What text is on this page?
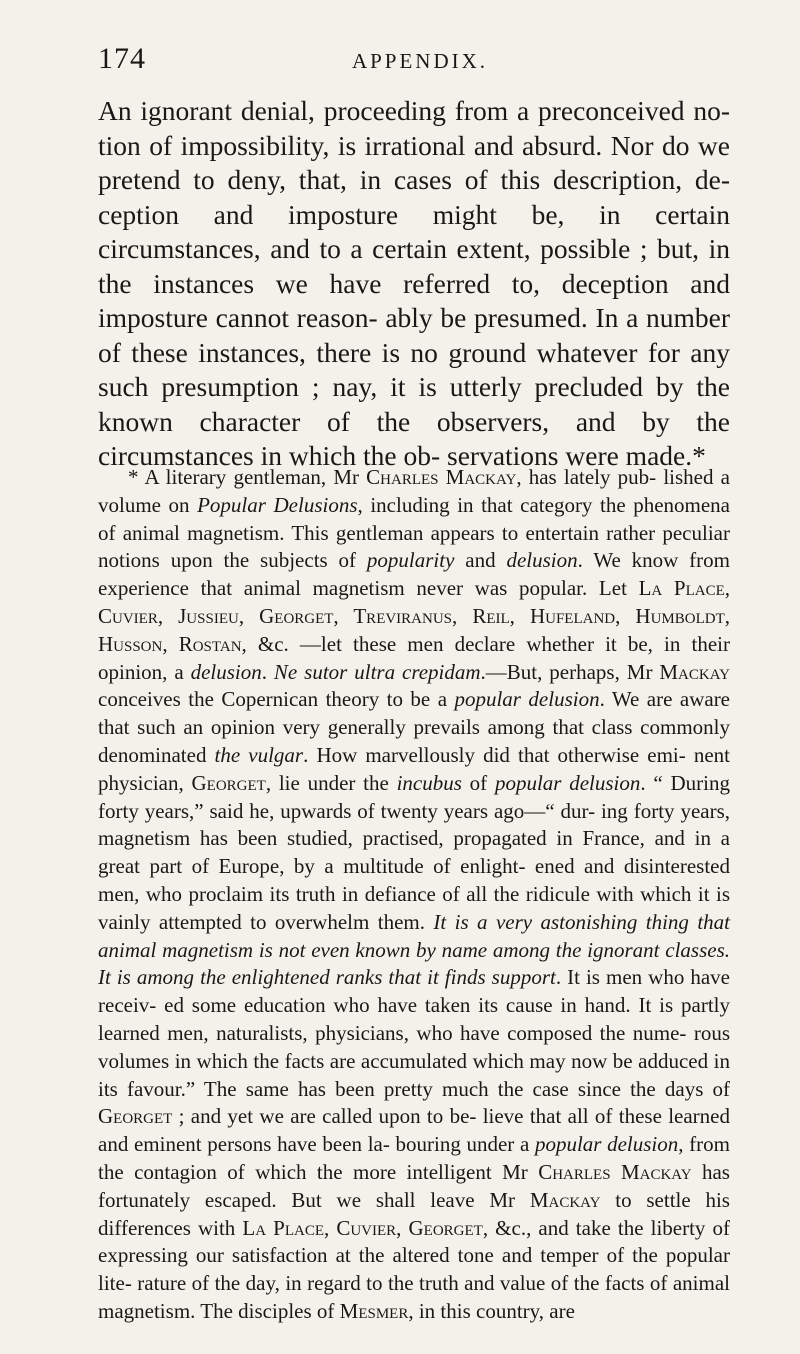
174	APPENDIX.

An ignorant denial, proceeding from a preconceived no- tion of impossibility, is irrational and absurd. Nor do we pretend to deny, that, in cases of this description, de- ception and imposture might be, in certain circumstances, and to a certain extent, possible ; but, in the instances we have referred to, deception and imposture cannot reason- ably be presumed. In a number of these instances, there is no ground whatever for any such presumption ; nay, it is utterly precluded by the known character of the observers, and by the circumstances in which the ob- servations were made.*

* A literary gentleman, Mr Charles Mackay, has lately pub- lished a volume on Popular Delusions, including in that category the phenomena of animal magnetism. This gentleman appears to entertain rather peculiar notions upon the subjects of popularity and delusion. We know from experience that animal magnetism never was popular. Let La Place, Cuvier, Jussieu, Georget, Treviranus, Reil, Hufeland, Humboldt, Husson, Rostan, &c. —let these men declare whether it be, in their opinion, a delusion. Ne sutor ultra crepidam.—But, perhaps, Mr Mackay conceives the Copernican theory to be a popular delusion. We are aware that such an opinion very generally prevails among that class commonly denominated the vulgar. How marvellously did that otherwise emi- nent physician, Georget, lie under the incubus of popular delusion. “ During forty years,” said he, upwards of twenty years ago—“ dur- ing forty years, magnetism has been studied, practised, propagated in France, and in a great part of Europe, by a multitude of enlight- ened and disinterested men, who proclaim its truth in defiance of all the ridicule with which it is vainly attempted to overwhelm them. It is a very astonishing thing that animal magnetism is not even known by name among the ignorant classes. It is among the enlightened ranks that it finds support. It is men who have receiv- ed some education who have taken its cause in hand. It is partly learned men, naturalists, physicians, who have composed the nume- rous volumes in which the facts are accumulated which may now be adduced in its favour.” The same has been pretty much the case since the days of Georget ; and yet we are called upon to be- lieve that all of these learned and eminent persons have been la- bouring under a popular delusion, from the contagion of which the more intelligent Mr Charles Mackay has fortunately escaped. But we shall leave Mr Mackay to settle his differences with La Place, Cuvier, Georget, &c., and take the liberty of expressing our satisfaction at the altered tone and temper of the popular lite- rature of the day, in regard to the truth and value of the facts of animal magnetism. The disciples of Mesmer, in this country, are
